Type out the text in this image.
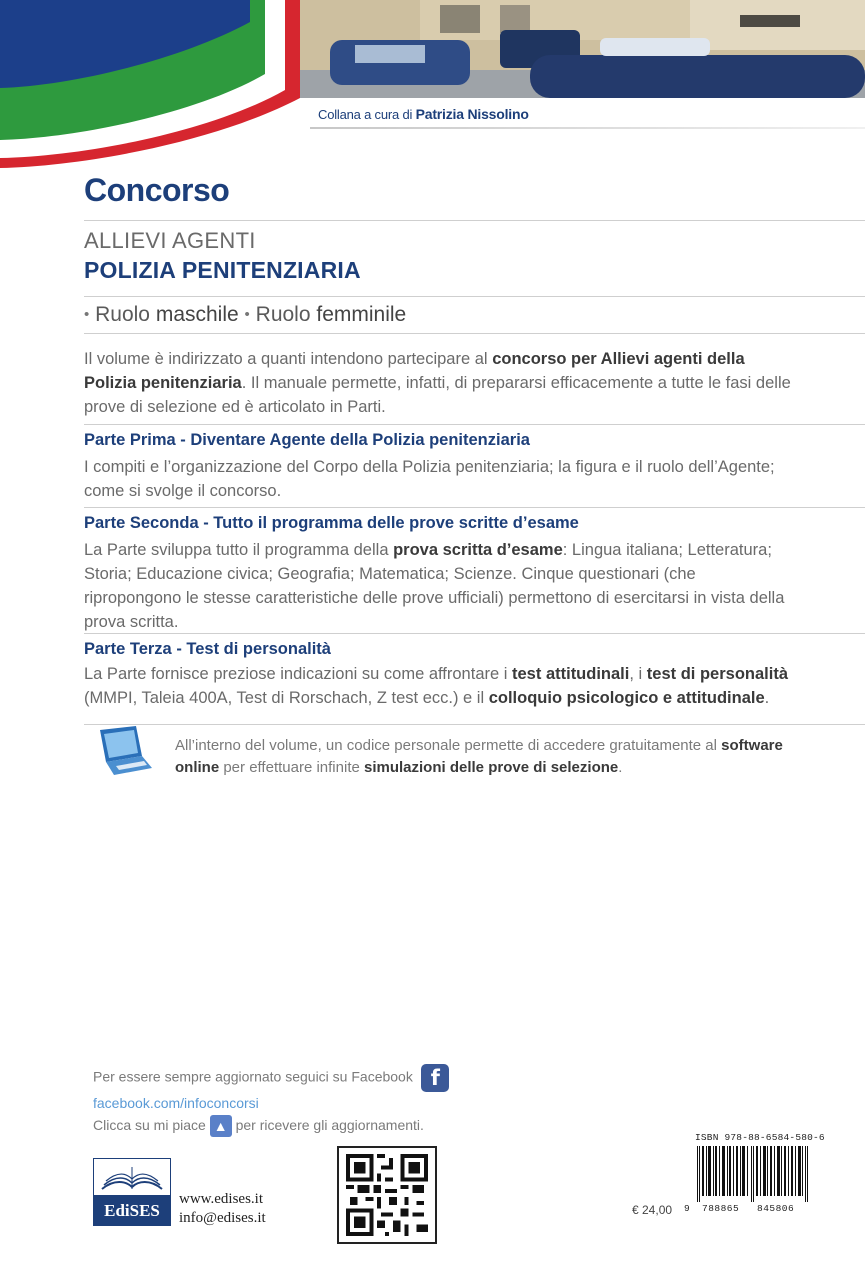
Collana a cura di Patrizia Nissolino
Concorso
ALLIEVI AGENTI
POLIZIA PENITENZIARIA
• Ruolo maschile • Ruolo femminile
Il volume è indirizzato a quanti intendono partecipare al concorso per Allievi agenti della Polizia penitenziaria. Il manuale permette, infatti, di prepararsi efficacemente a tutte le fasi delle prove di selezione ed è articolato in Parti.
Parte Prima - Diventare Agente della Polizia penitenziaria
I compiti e l’organizzazione del Corpo della Polizia penitenziaria; la figura e il ruolo dell’Agente; come si svolge il concorso.
Parte Seconda - Tutto il programma delle prove scritte d’esame
La Parte sviluppa tutto il programma della prova scritta d’esame: Lingua italiana; Letteratura; Storia; Educazione civica; Geografia; Matematica; Scienze. Cinque questionari (che ripropongono le stesse caratteristiche delle prove ufficiali) permettono di esercitarsi in vista della prova scritta.
Parte Terza - Test di personalità
La Parte fornisce preziose indicazioni su come affrontare i test attitudinali, i test di personalità (MMPI, Taleia 400A, Test di Rorschach, Z test ecc.) e il colloquio psicologico e attitudinale.
All’interno del volume, un codice personale permette di accedere gratuitamente al software online per effettuare infinite simulazioni delle prove di selezione.
Per essere sempre aggiornato seguici su Facebook f
facebook.com/infoconcorsi
Clicca su mi piace ▲ per ricevere gli aggiornamenti.
EdiSES
www.edises.it
info@edises.it
ISBN 978-88-6584-580-6
9 788865 845806
€ 24,00
